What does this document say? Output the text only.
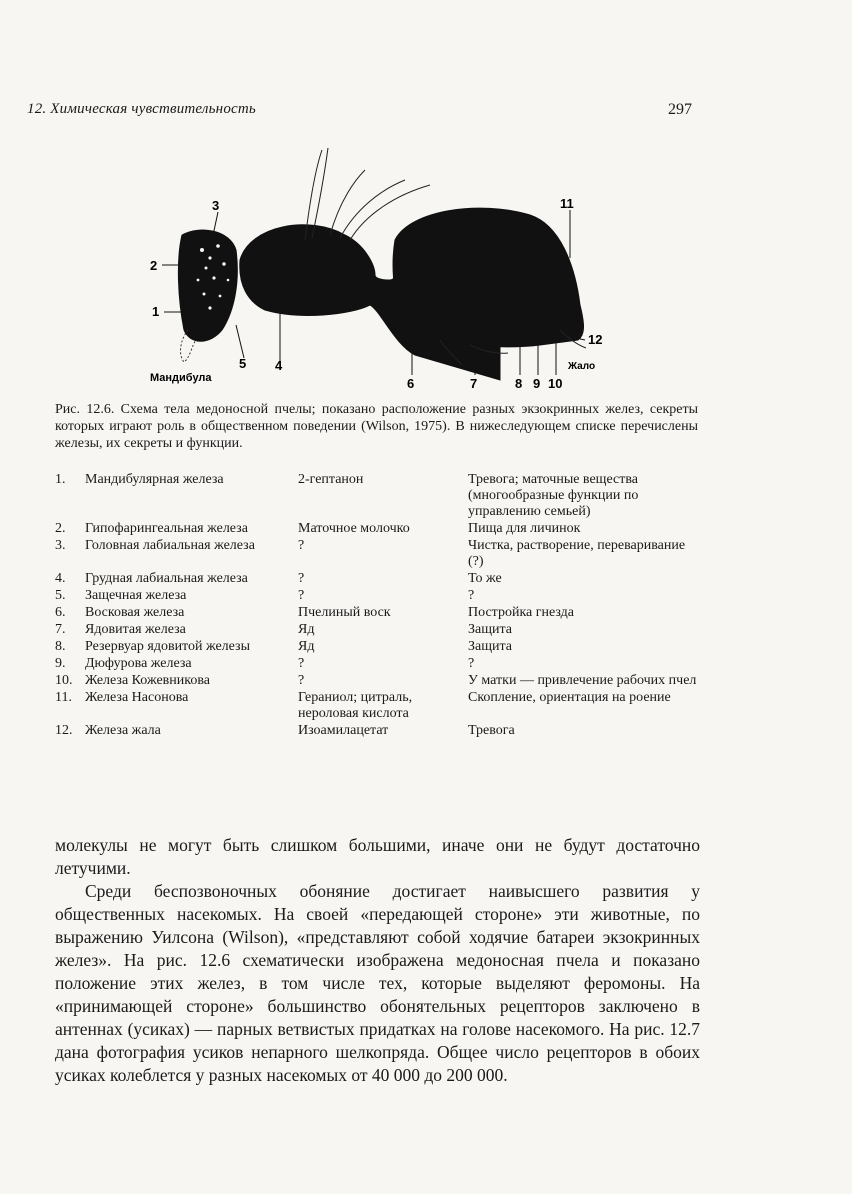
12. Химическая чувствительность	297
1
2
3
4
5
6	7	8 9 10
11
12
Мандибула
Жало
Рис. 12.6. Схема тела медоносной пчелы; показано расположение разных экзокринных желез, секреты которых играют роль в общественном поведении (Wilson, 1975). В нижеследующем списке перечислены железы, их секреты и функции.
1.	Мандибулярная железа	2-гептанон	Тревога; маточные вещества (многообразные функции по управлению семьей)
2.	Гипофарингеальная железа	Маточное молочко	Пища для личинок
3.	Головная лабиальная железа	?	Чистка, растворение, переваривание (?)
4.	Грудная лабиальная железа	?	То же
5.	Защечная железа	?	?
6.	Восковая железа	Пчелиный воск	Постройка гнезда
7.	Ядовитая железа	Яд	Защита
8.	Резервуар ядовитой железы	Яд	Защита
9.	Дюфурова железа	?	?
10.	Железа Кожевникова	?	У матки — привлечение рабочих пчел
11.	Железа Насонова	Гераниол; цитраль, нероловая кислота	Скопление, ориентация на роение
12.	Железа жала	Изоамилацетат	Тревога

молекулы не могут быть слишком большими, иначе они не будут достаточно летучими.

Среди беспозвоночных обоняние достигает наивысшего развития у общественных насекомых. На своей «передающей стороне» эти животные, по выражению Уилсона (Wilson), «представляют собой ходячие батареи экзокринных желез». На рис. 12.6 схематически изображена медоносная пчела и показано положение этих желез, в том числе тех, которые выделяют феромоны. На «принимающей стороне» большинство обонятельных рецепторов заключено в антеннах (усиках) — парных ветвистых придатках на голове насекомого. На рис. 12.7 дана фотография усиков непарного шелкопряда. Общее число рецепторов в обоих усиках колеблется у разных насекомых от 40 000 до 200 000.
